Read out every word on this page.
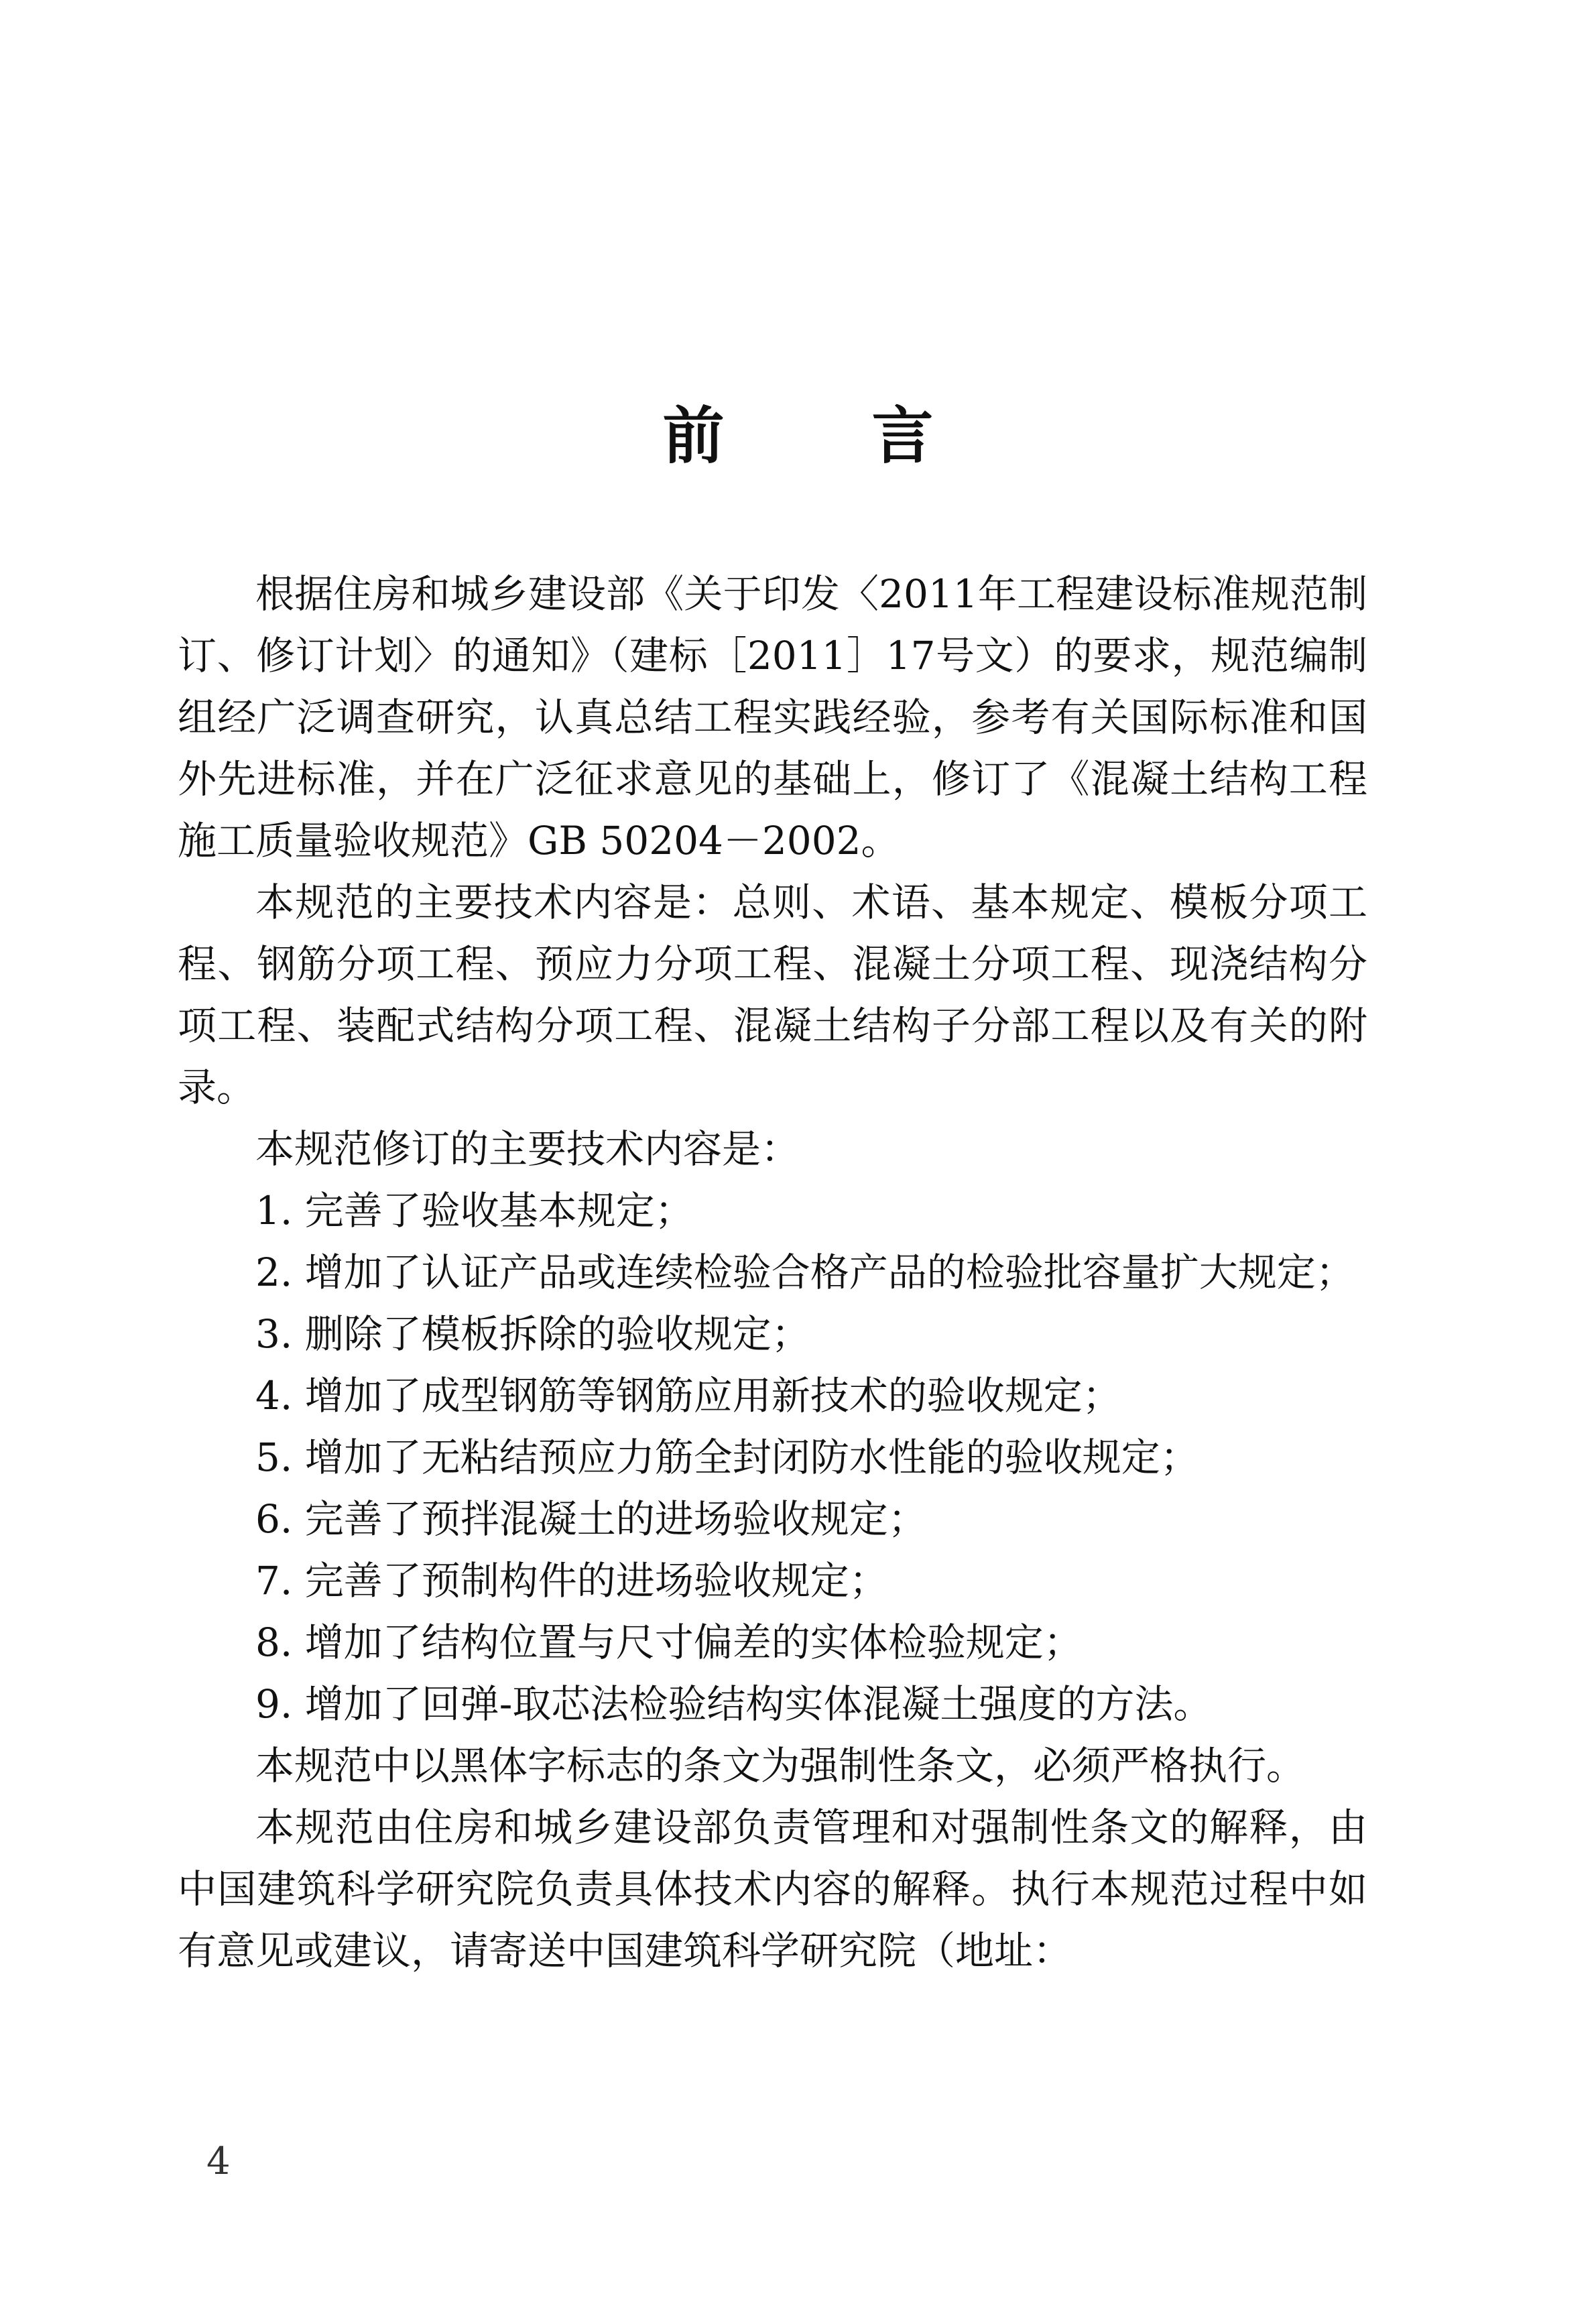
前言

根据住房和城乡建设部《关于印发〈2011年工程建设标准规范制订、修订计划〉的通知》（建标［2011］17号文）的要求，规范编制组经广泛调查研究，认真总结工程实践经验，参考有关国际标准和国外先进标准，并在广泛征求意见的基础上，修订了《混凝土结构工程施工质量验收规范》GB 50204－2002。

本规范的主要技术内容是：总则、术语、基本规定、模板分项工程、钢筋分项工程、预应力分项工程、混凝土分项工程、现浇结构分项工程、装配式结构分项工程、混凝土结构子分部工程以及有关的附录。

本规范修订的主要技术内容是：

1. 完善了验收基本规定；

2. 增加了认证产品或连续检验合格产品的检验批容量扩大规定；

3. 删除了模板拆除的验收规定；

4. 增加了成型钢筋等钢筋应用新技术的验收规定；

5. 增加了无粘结预应力筋全封闭防水性能的验收规定；

6. 完善了预拌混凝土的进场验收规定；

7. 完善了预制构件的进场验收规定；

8. 增加了结构位置与尺寸偏差的实体检验规定；

9. 增加了回弹-取芯法检验结构实体混凝土强度的方法。

本规范中以黑体字标志的条文为强制性条文，必须严格执行。

本规范由住房和城乡建设部负责管理和对强制性条文的解释，由中国建筑科学研究院负责具体技术内容的解释。执行本规范过程中如有意见或建议，请寄送中国建筑科学研究院（地址：

4
